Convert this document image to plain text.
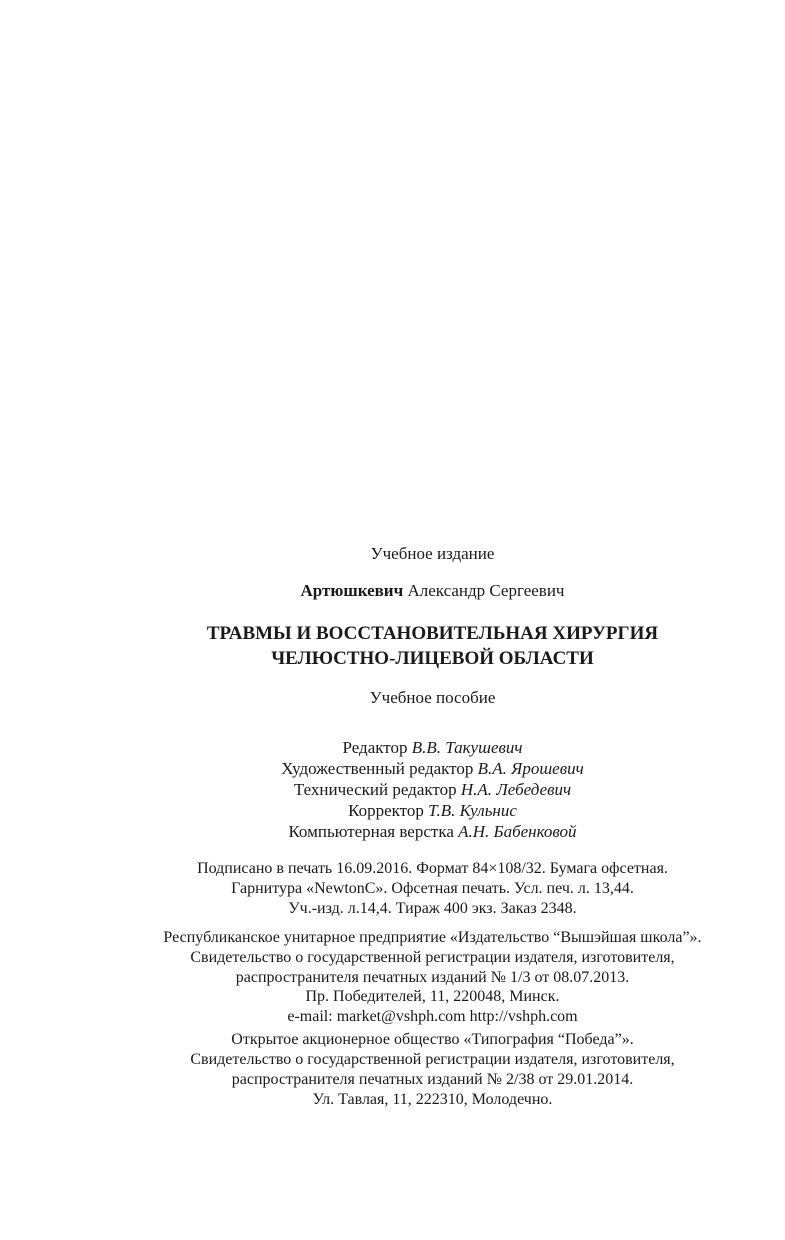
Учебное издание
Артюшкевич Александр Сергеевич
ТРАВМЫ И ВОССТАНОВИТЕЛЬНАЯ ХИРУРГИЯ
ЧЕЛЮСТНО-ЛИЦЕВОЙ ОБЛАСТИ
Учебное пособие
Редактор В.В. Такушевич
Художественный редактор В.А. Ярошевич
Технический редактор Н.А. Лебедевич
Корректор Т.В. Кульнис
Компьютерная верстка А.Н. Бабенковой
Подписано в печать 16.09.2016. Формат 84×108/32. Бумага офсетная.
Гарнитура «NewtonC». Офсетная печать. Усл. печ. л. 13,44.
Уч.-изд. л.14,4. Тираж 400 экз. Заказ 2348.
Республиканское унитарное предприятие «Издательство “Вышэйшая школа”».
Свидетельство о государственной регистрации издателя, изготовителя,
распространителя печатных изданий № 1/3 от 08.07.2013.
Пр. Победителей, 11, 220048, Минск.
e-mail: market@vshph.com http://vshph.com
Открытое акционерное общество «Типография “Победа”».
Свидетельство о государственной регистрации издателя, изготовителя,
распространителя печатных изданий № 2/38 от 29.01.2014.
Ул. Тавлая, 11, 222310, Молодечно.
